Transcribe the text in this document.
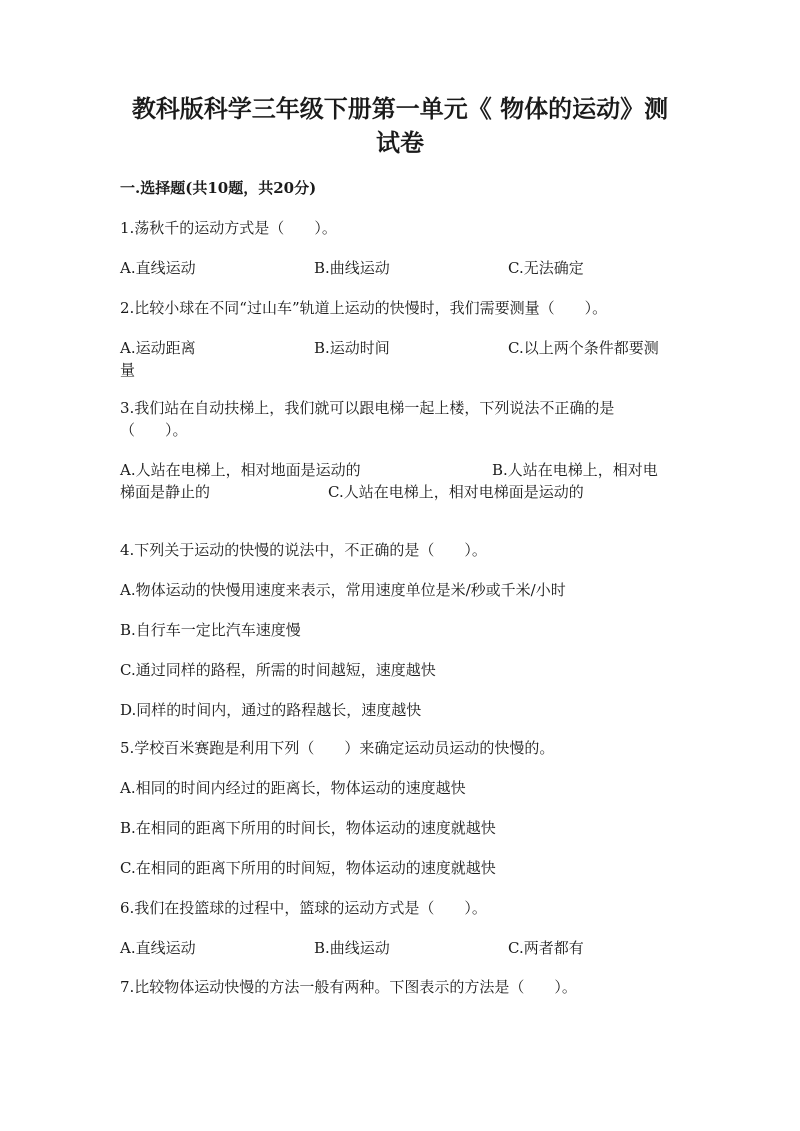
教科版科学三年级下册第一单元《 物体的运动》测
试卷
一.选择题(共10题，共20分)
1.荡秋千的运动方式是（　　）。
A.直线运动	B.曲线运动	C.无法确定
2.比较小球在不同“过山车”轨道上运动的快慢时，我们需要测量（　　）。
A.运动距离	B.运动时间	C.以上两个条件都要测
量
3.我们站在自动扶梯上，我们就可以跟电梯一起上楼，下列说法不正确的是
（　　）。
A.人站在电梯上，相对地面是运动的	B.人站在电梯上，相对电
梯面是静止的	C.人站在电梯上，相对电梯面是运动的
4.下列关于运动的快慢的说法中，不正确的是（　　）。
A.物体运动的快慢用速度来表示，常用速度单位是米/秒或千米/小时
B.自行车一定比汽车速度慢
C.通过同样的路程，所需的时间越短，速度越快
D.同样的时间内，通过的路程越长，速度越快
5.学校百米赛跑是利用下列（　　）来确定运动员运动的快慢的。
A.相同的时间内经过的距离长，物体运动的速度越快
B.在相同的距离下所用的时间长，物体运动的速度就越快
C.在相同的距离下所用的时间短，物体运动的速度就越快
6.我们在投篮球的过程中，篮球的运动方式是（　　）。
A.直线运动	B.曲线运动	C.两者都有
7.比较物体运动快慢的方法一般有两种。下图表示的方法是（　　）。
